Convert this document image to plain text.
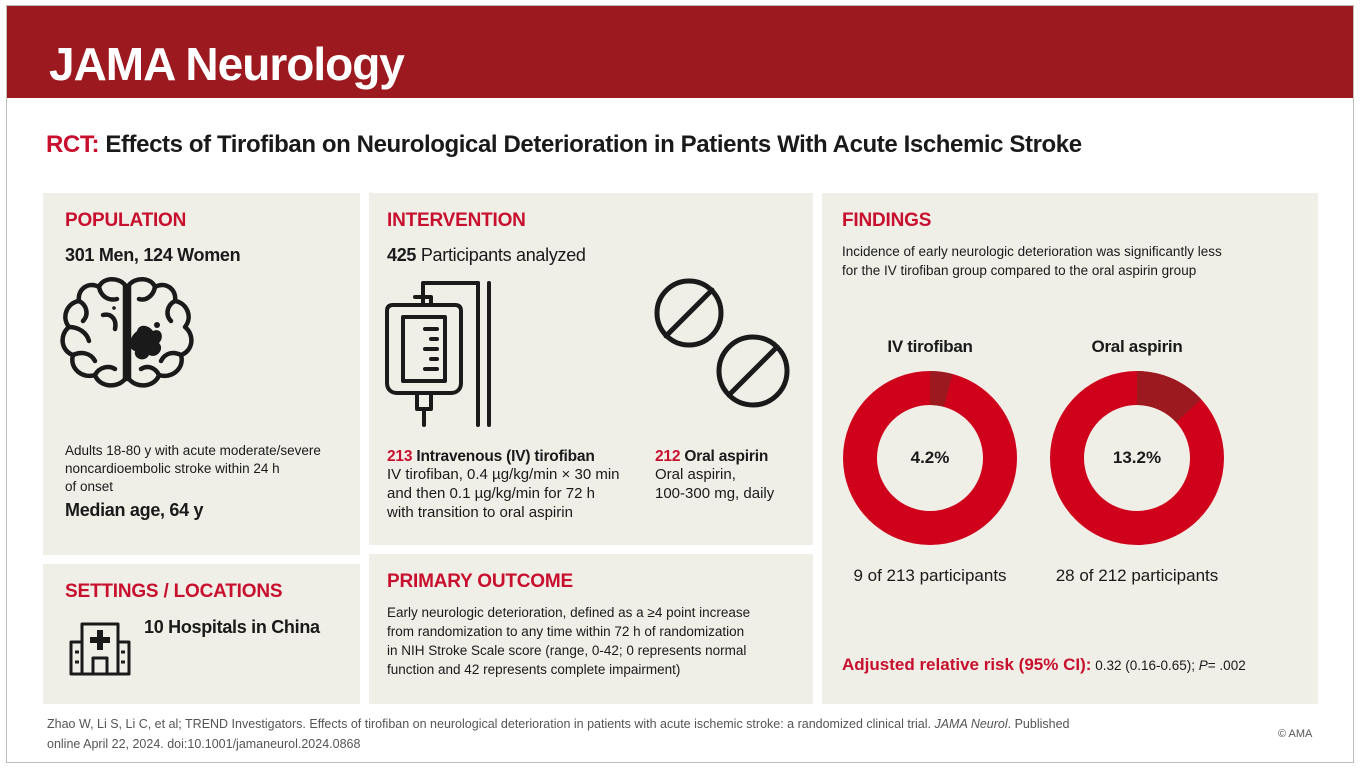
JAMA Neurology
RCT: Effects of Tirofiban on Neurological Deterioration in Patients With Acute Ischemic Stroke

POPULATION

301 Men, 124 Women

Adults 18-80 y with acute moderate/severe

noncardioembolic stroke within 24 h

of onset

Median age, 64 y

SETTINGS / LOCATIONS

10 Hospitals in China

INTERVENTION

425 Participants analyzed

213 Intravenous (IV) tirofiban

IV tirofiban, 0.4 µg/kg/min × 30 min

and then 0.1 µg/kg/min for 72 h

with transition to oral aspirin

212 Oral aspirin

Oral aspirin,

100-300 mg, daily

PRIMARY OUTCOME

Early neurologic deterioration, defined as a ≥4 point increase

from randomization to any time within 72 h of randomization

in NIH Stroke Scale score (range, 0-42; 0 represents normal

function and 42 represents complete impairment)

FINDINGS

Incidence of early neurologic deterioration was significantly less

for the IV tirofiban group compared to the oral aspirin group

IV tirofiban

4.2%

9 of 213 participants

Oral aspirin

13.2%

28 of 212 participants

Adjusted relative risk (95% CI): 0.32 (0.16-0.65); P= .002

Zhao W, Li S, Li C, et al; TREND Investigators. Effects of tirofiban on neurological deterioration in patients with acute ischemic stroke: a randomized clinical trial. JAMA Neurol. Published

online April 22, 2024. doi:10.1001/jamaneurol.2024.0868

© AMA
